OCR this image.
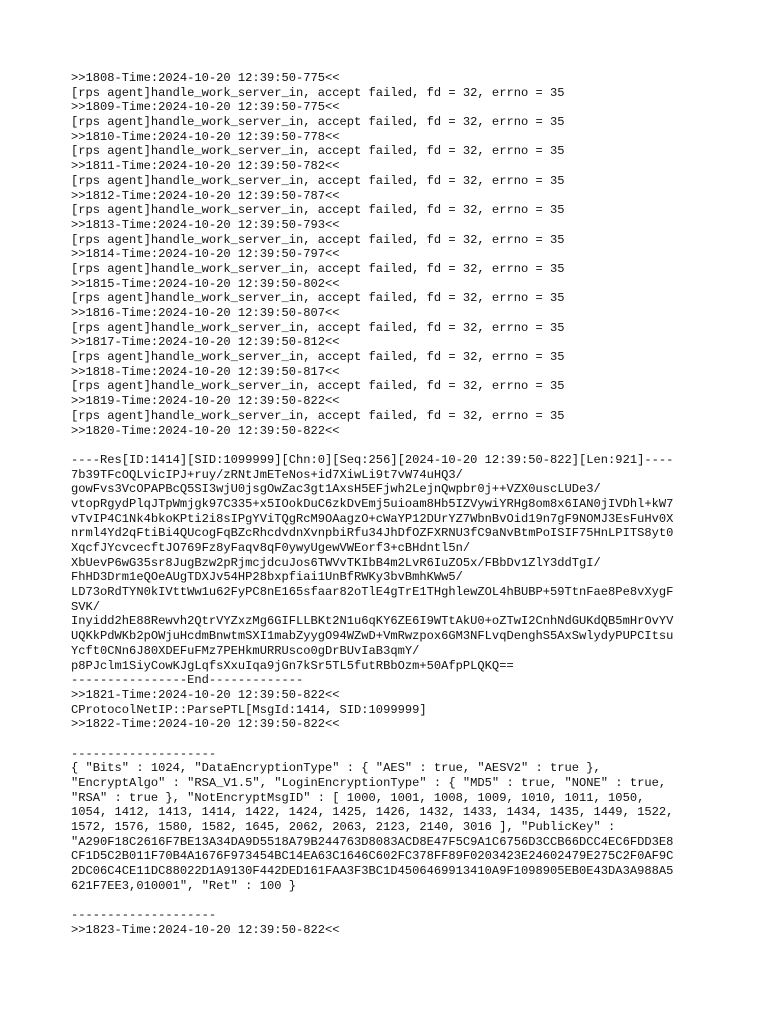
>>1808-Time:2024-10-20 12:39:50-775<<
[rps agent]handle_work_server_in, accept failed, fd = 32, errno = 35
>>1809-Time:2024-10-20 12:39:50-775<<
[rps agent]handle_work_server_in, accept failed, fd = 32, errno = 35
>>1810-Time:2024-10-20 12:39:50-778<<
[rps agent]handle_work_server_in, accept failed, fd = 32, errno = 35
>>1811-Time:2024-10-20 12:39:50-782<<
[rps agent]handle_work_server_in, accept failed, fd = 32, errno = 35
>>1812-Time:2024-10-20 12:39:50-787<<
[rps agent]handle_work_server_in, accept failed, fd = 32, errno = 35
>>1813-Time:2024-10-20 12:39:50-793<<
[rps agent]handle_work_server_in, accept failed, fd = 32, errno = 35
>>1814-Time:2024-10-20 12:39:50-797<<
[rps agent]handle_work_server_in, accept failed, fd = 32, errno = 35
>>1815-Time:2024-10-20 12:39:50-802<<
[rps agent]handle_work_server_in, accept failed, fd = 32, errno = 35
>>1816-Time:2024-10-20 12:39:50-807<<
[rps agent]handle_work_server_in, accept failed, fd = 32, errno = 35
>>1817-Time:2024-10-20 12:39:50-812<<
[rps agent]handle_work_server_in, accept failed, fd = 32, errno = 35
>>1818-Time:2024-10-20 12:39:50-817<<
[rps agent]handle_work_server_in, accept failed, fd = 32, errno = 35
>>1819-Time:2024-10-20 12:39:50-822<<
[rps agent]handle_work_server_in, accept failed, fd = 32, errno = 35
>>1820-Time:2024-10-20 12:39:50-822<<
----Res[ID:1414][SID:1099999][Chn:0][Seq:256][2024-10-20 12:39:50-822][Len:921]----
7b39TFcOQLvicIPJ+ruy/zRNtJmETeNos+id7XiwLi9t7vW74uHQ3/
gowFvs3VcOPAPBcQ5SI3wjU0jsgOwZac3gt1AxsH5EFjwh2LejnQwpbr0j++VZX0uscLUDe3/
vtopRgydPlqJTpWmjgk97C335+x5IOokDuC6zkDvEmj5uioam8Hb5IZVywiYRHg8om8x6IAN0jIVDhl+kW7
vTvIP4C1Nk4bkoKPti2i8sIPgYViTQgRcM9OAagzO+cWaYP12DUrYZ7WbnBvOid19n7gF9NOMJ3EsFuHv0X
nrml4Yd2qFtiBi4QUcogFqBZcRhcdvdnXvnpbiRfu34JhDfOZFXRNU3fC9aNvBtmPoISIF75HnLPITS8yt0
XqcfJYcvcecftJO769Fz8yFaqv8qF0ywyUgewVWEorf3+cBHdntl5n/
XbUevP6wG35sr8JugBzw2pRjmcjdcuJos6TWVvTKIbB4m2LvR6IuZO5x/FBbDv1ZlY3ddTgI/
FhHD3Drm1eQOeAUgTDXJv54HP28bxpfiai1UnBfRWKy3bvBmhKWw5/
LD73oRdTYN0kIVttWw1u62FyPC8nE165sfaar82oTlE4gTrE1THghlewZOL4hBUBP+59TtnFae8Pe8vXygF
SVK/
Inyidd2hE88Rewvh2QtrVYZxzMg6GIFLLBKt2N1u6qKY6ZE6I9WTtAkU0+oZTwI2CnhNdGUKdQB5mHrOvYV
UQKkPdWKb2pOWjuHcdmBnwtmSXI1mabZyygO94WZwD+VmRwzpox6GM3NFLvqDenghS5AxSwlydyPUPCItsu
Ycft0CNn6J80XDEFuFMz7PEHkmURRUsco0gDrBUvIaB3qmY/
p8PJclm1SiyCowKJgLqfsXxuIqa9jGn7kSr5TL5futRBbOzm+50AfpPLQKQ==
----------------End-------------
>>1821-Time:2024-10-20 12:39:50-822<<
CProtocolNetIP::ParsePTL[MsgId:1414, SID:1099999]
>>1822-Time:2024-10-20 12:39:50-822<<
--------------------
{ "Bits" : 1024, "DataEncryptionType" : { "AES" : true, "AESV2" : true },
"EncryptAlgo" : "RSA_V1.5", "LoginEncryptionType" : { "MD5" : true, "NONE" : true,
"RSA" : true }, "NotEncryptMsgID" : [ 1000, 1001, 1008, 1009, 1010, 1011, 1050,
1054, 1412, 1413, 1414, 1422, 1424, 1425, 1426, 1432, 1433, 1434, 1435, 1449, 1522,
1572, 1576, 1580, 1582, 1645, 2062, 2063, 2123, 2140, 3016 ], "PublicKey" :
"A290F18C2616F7BE13A34DA9D5518A79B244763D8083ACD8E47F5C9A1C6756D3CCB66DCC4EC6FDD3E8
CF1D5C2B011F70B4A1676F973454BC14EA63C1646C602FC378FF89F0203423E24602479E275C2F0AF9C
2DC06C4CE11DC88022D1A9130F442DED161FAA3F3BC1D4506469913410A9F1098905EB0E43DA3A988A5
621F7EE3,010001", "Ret" : 100 }
--------------------
>>1823-Time:2024-10-20 12:39:50-822<<
